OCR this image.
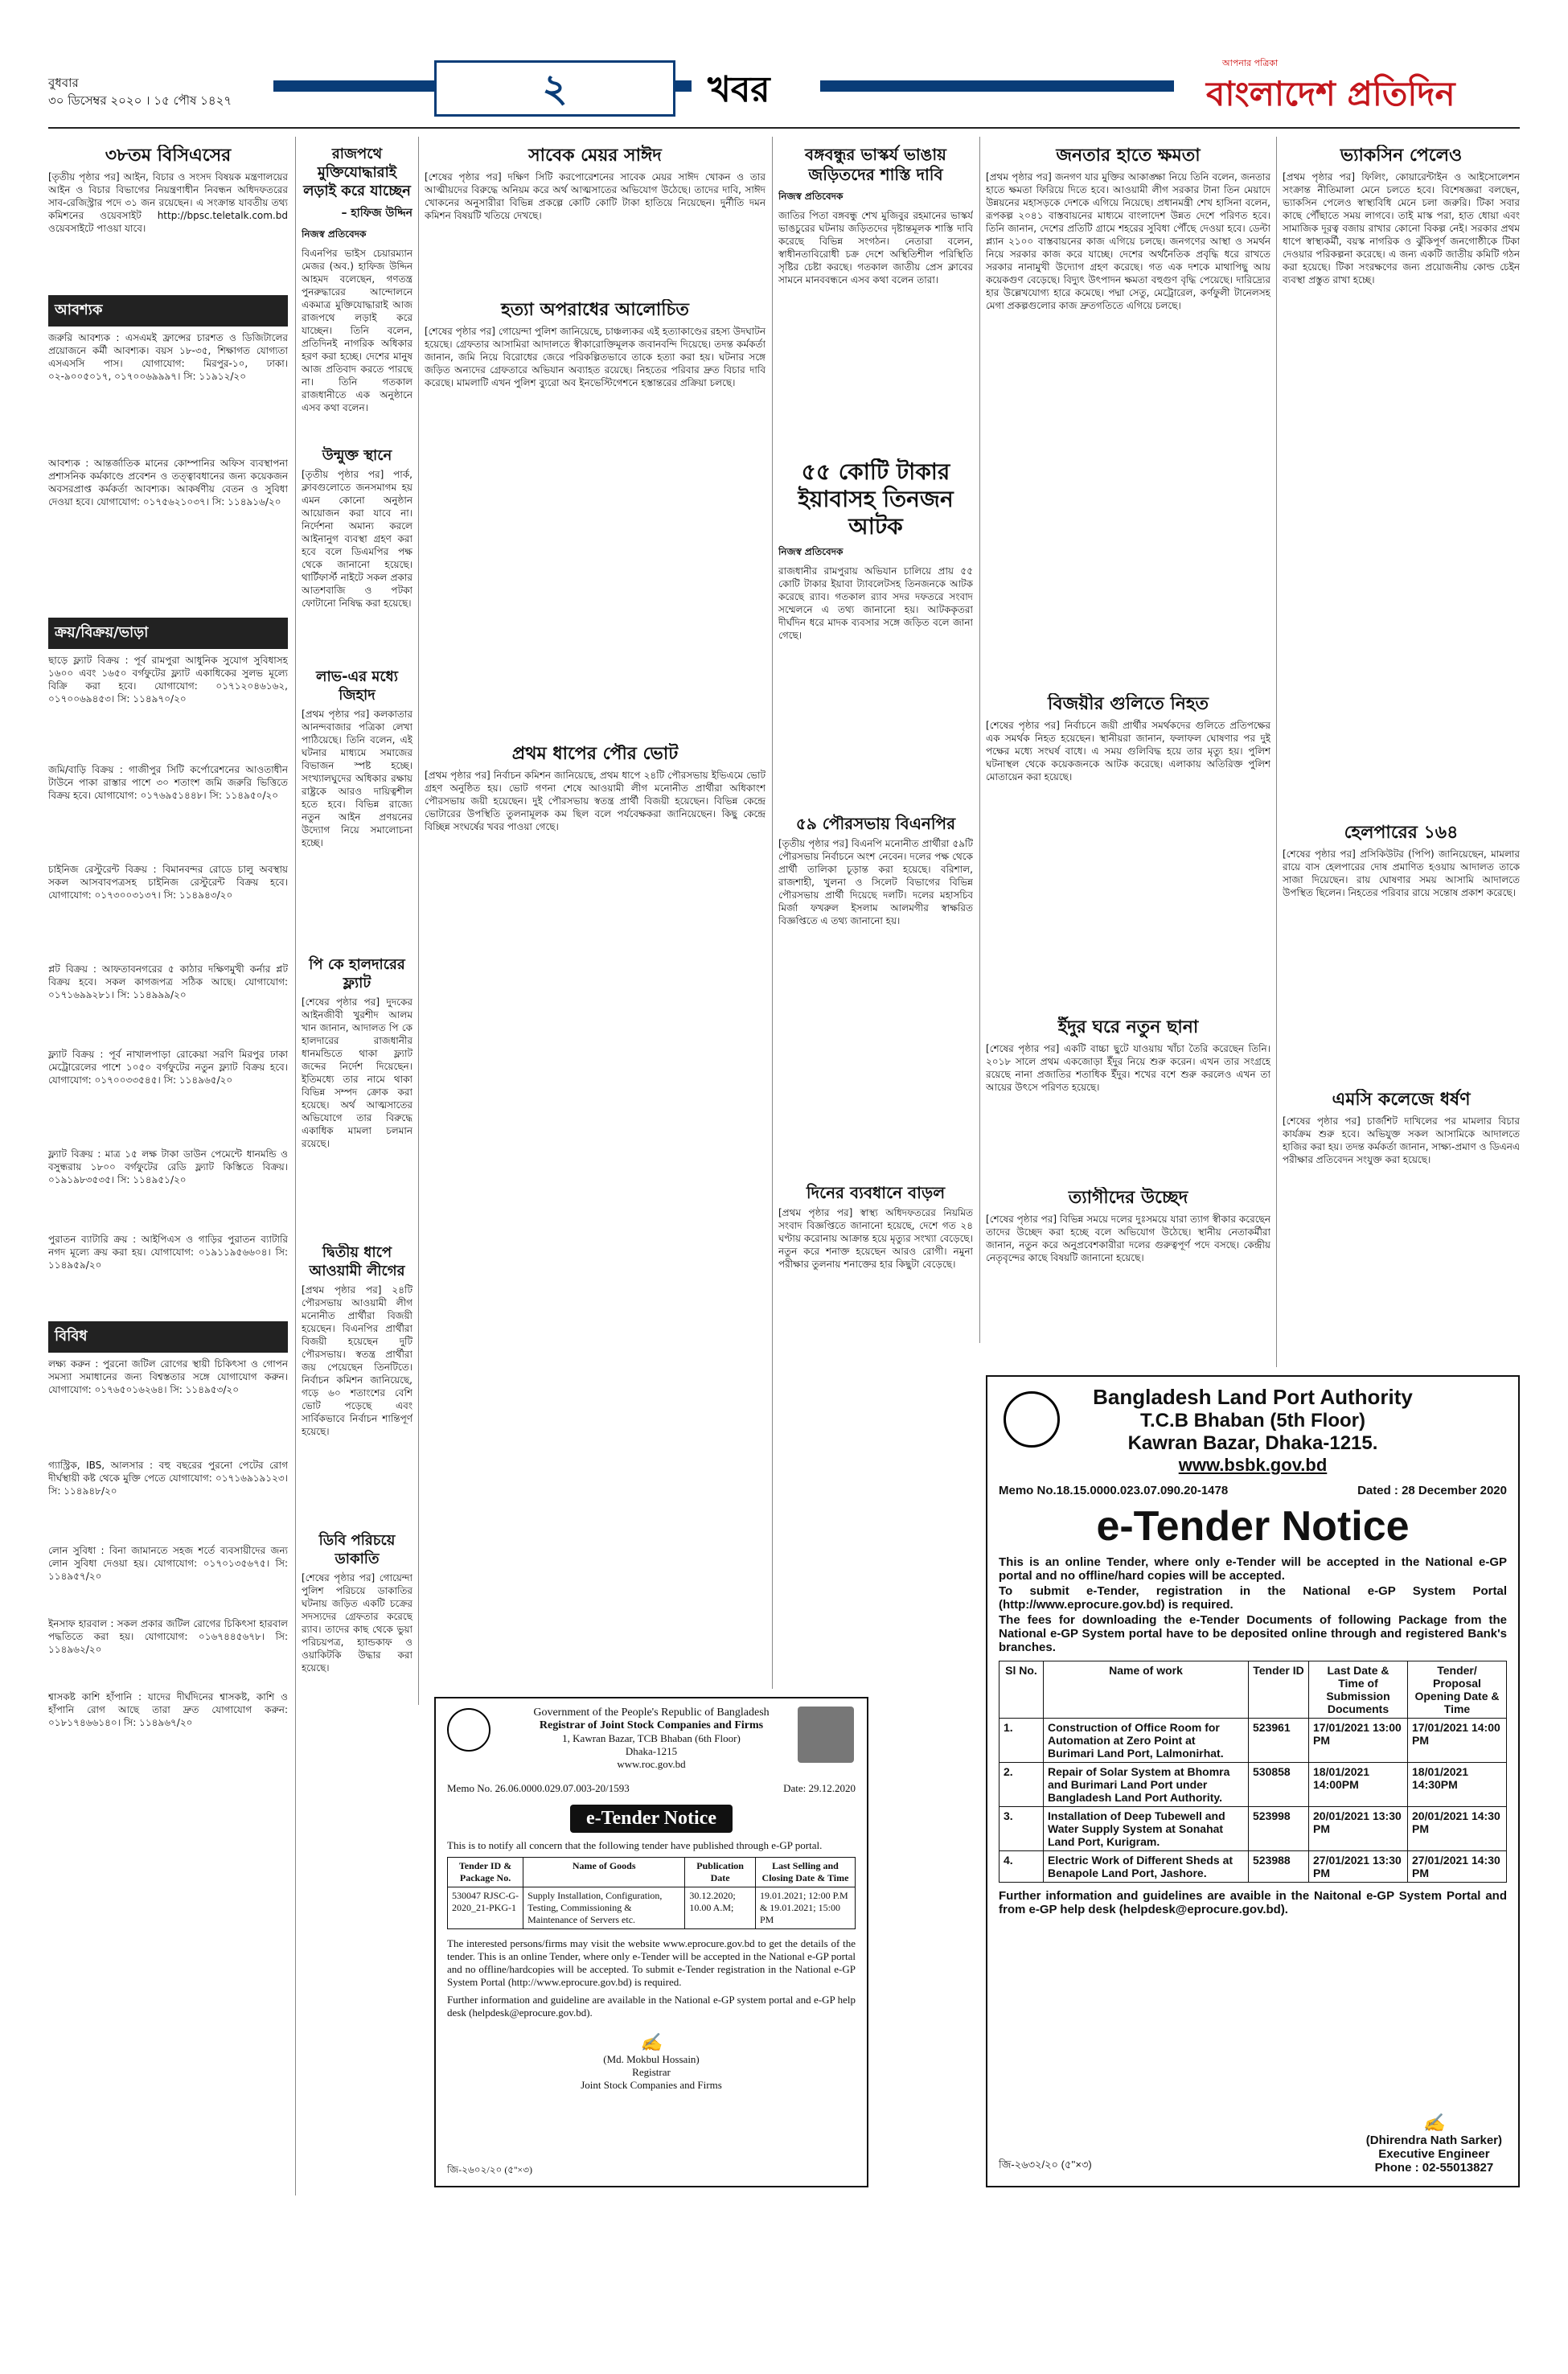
বুধবার
৩০ ডিসেম্বর ২০২০ । ১৫ পৌষ ১৪২৭	২	খবর
আপনার পত্রিকা
বাংলাদেশ প্রতিদিন
৩৮তম বিসিএসের
[তৃতীয় পৃষ্ঠার পর] আইন, বিচার ও সংসদ বিষয়ক মন্ত্রণালয়ের আইন ও বিচার বিভাগের নিয়ন্ত্রণাধীন নিবন্ধন অধিদফতরের সাব-রেজিস্ট্রার পদে ৩১ জন রয়েছেন। এ সংক্রান্ত যাবতীয় তথ্য কমিশনের ওয়েবসাইট http://bpsc.teletalk.com.bd ওয়েবসাইটে পাওয়া যাবে।
আবশ্যক
জরুরি আবশ্যক : এসএমই ফ্রান্সের চারশত ও ডিজিটালের প্রয়োজনে কর্মী আবশ্যক। বয়স ১৮-৩৫, শিক্ষাগত যোগ্যতা এসএসসি পাস। যোগাযোগ: মিরপুর-১০, ঢাকা। ০২-৯০০৫০১৭, ০১৭০০৬৯৯৯৭। সি: ১১৯১২/২০
আবশ্যক : আন্তর্জাতিক মানের কোম্পানির অফিস ব্যবস্থাপনা প্রশাসনিক কর্মকাণ্ডে প্রবেশন ও তত্ত্বাবধানের জন্য কয়েকজন অবসরপ্রাপ্ত কর্মকর্তা আবশ্যক। আকর্ষণীয় বেতন ও সুবিধা দেওয়া হবে। যোগাযোগ: ০১৭৫৬২১০৩৭। সি: ১১৪৯১৬/২০
ক্রয়/বিক্রয়/ভাড়া
ছাড়ে ফ্ল্যাট বিক্রয় : পূর্ব রামপুরা আধুনিক সুযোগ সুবিধাসহ ১৬০০ এবং ১৬৫০ বর্গফুটের ফ্ল্যাট একাধিকের সুলভ মূল্যে বিক্রি করা হবে। যোগাযোগ: ০১৭১২০৪৬১৬২, ০১৭০০৬৯৪৫৩। সি: ১১৪৯৭০/২০
জমি/বাড়ি বিক্রয় : গাজীপুর সিটি কর্পোরেশনের আওতাধীন টাউনে পাকা রাস্তার পাশে ৩০ শতাংশ জমি জরুরি ভিত্তিতে বিক্রয় হবে। যোগাযোগ: ০১৭৬৯৫১৪৪৮। সি: ১১৪৯৫০/২০
চাইনিজ রেস্টুরেন্ট বিক্রয় : বিমানবন্দর রোডে চালু অবস্থায় সকল আসবাবপত্রসহ চাইনিজ রেস্টুরেন্ট বিক্রয় হবে। যোগাযোগ: ০১৭৩০০৩১৩৭। সি: ১১৪৯৪৩/২০
প্লট বিক্রয় : আফতাবনগরের ৫ কাঠার দক্ষিণমুখী কর্নার প্লট বিক্রয় হবে। সকল কাগজপত্র সঠিক আছে। যোগাযোগ: ০১৭১৬৯৯২৮১। সি: ১১৪৯৯৯/২০
ফ্ল্যাট বিক্রয় : পূর্ব নাখালপাড়া রোকেয়া সরণি মিরপুর ঢাকা মেট্রোরেলের পাশে ১০৫০ বর্গফুটের নতুন ফ্ল্যাট বিক্রয় হবে। যোগাযোগ: ০১৭০০৩৩৫৪৫। সি: ১১৪৯৬৫/২০
ফ্ল্যাট বিক্রয় : মাত্র ১৫ লক্ষ টাকা ডাউন পেমেন্টে ধানমন্ডি ও বসুন্ধরায় ১৮০০ বর্গফুটের রেডি ফ্ল্যাট কিস্তিতে বিক্রয়। ০১৯১৯৮৩৫৩৫। সি: ১১৪৯৫১/২০
পুরাতন ব্যাটারি ক্রয় : আইপিএস ও গাড়ির পুরাতন ব্যাটারি নগদ মূল্যে ক্রয় করা হয়। যোগাযোগ: ০১৯১১৯৫৬৬০৪। সি: ১১৪৯৫৯/২০
বিবিধ
লক্ষ্য করুন : পুরনো জটিল রোগের স্থায়ী চিকিৎসা ও গোপন সমস্যা সমাধানের জন্য বিশ্বস্ততার সঙ্গে যোগাযোগ করুন। যোগাযোগ: ০১৭৬৫০১৬২৬৪। সি: ১১৪৯৫৩/২০
গ্যাস্ট্রিক, IBS, আলসার : বহু বছরের পুরনো পেটের রোগ দীর্ঘস্থায়ী কষ্ট থেকে মুক্তি পেতে যোগাযোগ: ০১৭১৬৯১৯১২৩। সি: ১১৪৯৪৮/২০
লোন সুবিধা : বিনা জামানতে সহজ শর্তে ব্যবসায়ীদের জন্য লোন সুবিধা দেওয়া হয়। যোগাযোগ: ০১৭০১৩৫৬৭৫। সি: ১১৪৯৫৭/২০
ইনসাফ হারবাল : সকল প্রকার জটিল রোগের চিকিৎসা হারবাল পদ্ধতিতে করা হয়। যোগাযোগ: ০১৬৭৪৪৫৬৭৮। সি: ১১৪৯৬২/২০
শ্বাসকষ্ট কাশি হাঁপানি : যাদের দীর্ঘদিনের শ্বাসকষ্ট, কাশি ও হাঁপানি রোগ আছে তারা দ্রুত যোগাযোগ করুন: ০১৮১৭৪৬৬১৪০। সি: ১১৪৯৬৭/২০
রাজপথে মুক্তিযোদ্ধারাই লড়াই করে যাচ্ছেন
– হাফিজ উদ্দিন
নিজস্ব প্রতিবেদক
বিএনপির ভাইস চেয়ারম্যান মেজর (অব.) হাফিজ উদ্দিন আহমদ বলেছেন, গণতন্ত্র পুনরুদ্ধারের আন্দোলনে একমাত্র মুক্তিযোদ্ধারাই আজ রাজপথে লড়াই করে যাচ্ছেন। তিনি বলেন, প্রতিদিনই নাগরিক অধিকার হরণ করা হচ্ছে। দেশের মানুষ আজ প্রতিবাদ করতে পারছে না। তিনি গতকাল রাজধানীতে এক অনুষ্ঠানে এসব কথা বলেন।
উন্মুক্ত স্থানে
[তৃতীয় পৃষ্ঠার পর] পার্ক, ক্লাবগুলোতে জনসমাগম হয় এমন কোনো অনুষ্ঠান আয়োজন করা যাবে না। নির্দেশনা অমান্য করলে আইনানুগ ব্যবস্থা গ্রহণ করা হবে বলে ডিএমপির পক্ষ থেকে জানানো হয়েছে। থার্টিফার্স্ট নাইটে সকল প্রকার আতশবাজি ও পটকা ফোটানো নিষিদ্ধ করা হয়েছে।
লাভ-এর মধ্যে জিহাদ
[প্রথম পৃষ্ঠার পর] কলকাতার আনন্দবাজার পত্রিকা লেখা পাঠিয়েছে। তিনি বলেন, এই ঘটনার মাধ্যমে সমাজের বিভাজন স্পষ্ট হচ্ছে। সংখ্যালঘুদের অধিকার রক্ষায় রাষ্ট্রকে আরও দায়িত্বশীল হতে হবে। বিভিন্ন রাজ্যে নতুন আইন প্রণয়নের উদ্যোগ নিয়ে সমালোচনা হচ্ছে।
পি কে হালদারের ফ্ল্যাট
[শেষের পৃষ্ঠার পর] দুদকের আইনজীবী খুরশীদ আলম খান জানান, আদালত পি কে হালদারের রাজধানীর ধানমন্ডিতে থাকা ফ্ল্যাট জব্দের নির্দেশ দিয়েছেন। ইতিমধ্যে তার নামে থাকা বিভিন্ন সম্পদ ক্রোক করা হয়েছে। অর্থ আত্মসাতের অভিযোগে তার বিরুদ্ধে একাধিক মামলা চলমান রয়েছে।
দ্বিতীয় ধাপে আওয়ামী লীগের
[প্রথম পৃষ্ঠার পর] ২৪টি পৌরসভায় আওয়ামী লীগ মনোনীত প্রার্থীরা বিজয়ী হয়েছেন। বিএনপির প্রার্থীরা বিজয়ী হয়েছেন দুটি পৌরসভায়। স্বতন্ত্র প্রার্থীরা জয় পেয়েছেন তিনটিতে। নির্বাচন কমিশন জানিয়েছে, গড়ে ৬০ শতাংশের বেশি ভোট পড়েছে এবং সার্বিকভাবে নির্বাচন শান্তিপূর্ণ হয়েছে।
ডিবি পরিচয়ে ডাকাতি
[শেষের পৃষ্ঠার পর] গোয়েন্দা পুলিশ পরিচয়ে ডাকাতির ঘটনায় জড়িত একটি চক্রের সদস্যদের গ্রেফতার করেছে র‌্যাব। তাদের কাছ থেকে ভুয়া পরিচয়পত্র, হ্যান্ডকাফ ও ওয়াকিটকি উদ্ধার করা হয়েছে।
সাবেক মেয়র সাঈদ
[শেষের পৃষ্ঠার পর] দক্ষিণ সিটি করপোরেশনের সাবেক মেয়র সাঈদ খোকন ও তার আত্মীয়দের বিরুদ্ধে অনিয়ম করে অর্থ আত্মসাতের অভিযোগ উঠেছে। তাদের দাবি, সাঈদ খোকনের অনুসারীরা বিভিন্ন প্রকল্পে কোটি কোটি টাকা হাতিয়ে নিয়েছেন। দুর্নীতি দমন কমিশন বিষয়টি খতিয়ে দেখছে।
হত্যা অপরাধের আলোচিত
[শেষের পৃষ্ঠার পর] গোয়েন্দা পুলিশ জানিয়েছে, চাঞ্চল্যকর এই হত্যাকাণ্ডের রহস্য উদঘাটন হয়েছে। গ্রেফতার আসামিরা আদালতে স্বীকারোক্তিমূলক জবানবন্দি দিয়েছে। তদন্ত কর্মকর্তা জানান, জমি নিয়ে বিরোধের জেরে পরিকল্পিতভাবে তাকে হত্যা করা হয়। ঘটনার সঙ্গে জড়িত অন্যদের গ্রেফতারে অভিযান অব্যাহত রয়েছে। নিহতের পরিবার দ্রুত বিচার দাবি করেছে। মামলাটি এখন পুলিশ ব্যুরো অব ইনভেস্টিগেশনে হস্তান্তরের প্রক্রিয়া চলছে।
প্রথম ধাপের পৌর ভোট
[প্রথম পৃষ্ঠার পর] নির্বাচন কমিশন জানিয়েছে, প্রথম ধাপে ২৪টি পৌরসভায় ইভিএমে ভোট গ্রহণ অনুষ্ঠিত হয়। ভোট গণনা শেষে আওয়ামী লীগ মনোনীত প্রার্থীরা অধিকাংশ পৌরসভায় জয়ী হয়েছেন। দুই পৌরসভায় স্বতন্ত্র প্রার্থী বিজয়ী হয়েছেন। বিভিন্ন কেন্দ্রে ভোটারের উপস্থিতি তুলনামূলক কম ছিল বলে পর্যবেক্ষকরা জানিয়েছেন। কিছু কেন্দ্রে বিচ্ছিন্ন সংঘর্ষের খবর পাওয়া গেছে।
বঙ্গবন্ধুর ভাস্কর্য ভাঙায় জড়িতদের শাস্তি দাবি
নিজস্ব প্রতিবেদক
জাতির পিতা বঙ্গবন্ধু শেখ মুজিবুর রহমানের ভাস্কর্য ভাঙচুরের ঘটনায় জড়িতদের দৃষ্টান্তমূলক শাস্তি দাবি করেছে বিভিন্ন সংগঠন। নেতারা বলেন, স্বাধীনতাবিরোধী চক্র দেশে অস্থিতিশীল পরিস্থিতি সৃষ্টির চেষ্টা করছে। গতকাল জাতীয় প্রেস ক্লাবের সামনে মানববন্ধনে এসব কথা বলেন তারা।
৫৫ কোটি টাকার ইয়াবাসহ তিনজন আটক
নিজস্ব প্রতিবেদক
রাজধানীর রামপুরায় অভিযান চালিয়ে প্রায় ৫৫ কোটি টাকার ইয়াবা ট্যাবলেটসহ তিনজনকে আটক করেছে র‌্যাব। গতকাল র‌্যাব সদর দফতরে সংবাদ সম্মেলনে এ তথ্য জানানো হয়। আটককৃতরা দীর্ঘদিন ধরে মাদক ব্যবসার সঙ্গে জড়িত বলে জানা গেছে।
৫৯ পৌরসভায় বিএনপির
[তৃতীয় পৃষ্ঠার পর] বিএনপি মনোনীত প্রার্থীরা ৫৯টি পৌরসভায় নির্বাচনে অংশ নেবেন। দলের পক্ষ থেকে প্রার্থী তালিকা চূড়ান্ত করা হয়েছে। বরিশাল, রাজশাহী, খুলনা ও সিলেট বিভাগের বিভিন্ন পৌরসভায় প্রার্থী দিয়েছে দলটি। দলের মহাসচিব মির্জা ফখরুল ইসলাম আলমগীর স্বাক্ষরিত বিজ্ঞপ্তিতে এ তথ্য জানানো হয়।
দিনের ব্যবধানে বাড়ল
[প্রথম পৃষ্ঠার পর] স্বাস্থ্য অধিদফতরের নিয়মিত সংবাদ বিজ্ঞপ্তিতে জানানো হয়েছে, দেশে গত ২৪ ঘণ্টায় করোনায় আক্রান্ত হয়ে মৃত্যুর সংখ্যা বেড়েছে। নতুন করে শনাক্ত হয়েছেন আরও রোগী। নমুনা পরীক্ষার তুলনায় শনাক্তের হার কিছুটা বেড়েছে।
জনতার হাতে ক্ষমতা
[প্রথম পৃষ্ঠার পর] জনগণ যার মুক্তির আকাঙ্ক্ষা নিয়ে তিনি বলেন, জনতার হাতে ক্ষমতা ফিরিয়ে দিতে হবে। আওয়ামী লীগ সরকার টানা তিন মেয়াদে উন্নয়নের মহাসড়কে দেশকে এগিয়ে নিয়েছে। প্রধানমন্ত্রী শেখ হাসিনা বলেন, রূপকল্প ২০৪১ বাস্তবায়নের মাধ্যমে বাংলাদেশ উন্নত দেশে পরিণত হবে। তিনি জানান, দেশের প্রতিটি গ্রামে শহরের সুবিধা পৌঁছে দেওয়া হবে। ডেল্টা প্ল্যান ২১০০ বাস্তবায়নের কাজ এগিয়ে চলছে। জনগণের আস্থা ও সমর্থন নিয়ে সরকার কাজ করে যাচ্ছে। দেশের অর্থনৈতিক প্রবৃদ্ধি ধরে রাখতে সরকার নানামুখী উদ্যোগ গ্রহণ করেছে। গত এক দশকে মাথাপিছু আয় কয়েকগুণ বেড়েছে। বিদ্যুৎ উৎপাদন ক্ষমতা বহুগুণ বৃদ্ধি পেয়েছে। দারিদ্র্যের হার উল্লেখযোগ্য হারে কমেছে। পদ্মা সেতু, মেট্রোরেল, কর্ণফুলী টানেলসহ মেগা প্রকল্পগুলোর কাজ দ্রুতগতিতে এগিয়ে চলছে।
বিজয়ীর গুলিতে নিহত
[শেষের পৃষ্ঠার পর] নির্বাচনে জয়ী প্রার্থীর সমর্থকদের গুলিতে প্রতিপক্ষের এক সমর্থক নিহত হয়েছেন। স্থানীয়রা জানান, ফলাফল ঘোষণার পর দুই পক্ষের মধ্যে সংঘর্ষ বাধে। এ সময় গুলিবিদ্ধ হয়ে তার মৃত্যু হয়। পুলিশ ঘটনাস্থল থেকে কয়েকজনকে আটক করেছে। এলাকায় অতিরিক্ত পুলিশ মোতায়েন করা হয়েছে।
ইঁদুর ঘরে নতুন ছানা
[শেষের পৃষ্ঠার পর] একটি বাচ্চা ছুটে যাওয়ায় খাঁচা তৈরি করেছেন তিনি। ২০১৮ সালে প্রথম একজোড়া ইঁদুর নিয়ে শুরু করেন। এখন তার সংগ্রহে রয়েছে নানা প্রজাতির শতাধিক ইঁদুর। শখের বশে শুরু করলেও এখন তা আয়ের উৎসে পরিণত হয়েছে।
ত্যাগীদের উচ্ছেদ
[শেষের পৃষ্ঠার পর] বিভিন্ন সময়ে দলের দুঃসময়ে যারা ত্যাগ স্বীকার করেছেন তাদের উচ্ছেদ করা হচ্ছে বলে অভিযোগ উঠেছে। স্থানীয় নেতাকর্মীরা জানান, নতুন করে অনুপ্রবেশকারীরা দলের গুরুত্বপূর্ণ পদে বসছে। কেন্দ্রীয় নেতৃবৃন্দের কাছে বিষয়টি জানানো হয়েছে।
ভ্যাকসিন পেলেও
[প্রথম পৃষ্ঠার পর] ফিলিং, কোয়ারেন্টাইন ও আইসোলেশন সংক্রান্ত নীতিমালা মেনে চলতে হবে। বিশেষজ্ঞরা বলছেন, ভ্যাকসিন পেলেও স্বাস্থ্যবিধি মেনে চলা জরুরি। টিকা সবার কাছে পৌঁছাতে সময় লাগবে। তাই মাস্ক পরা, হাত ধোয়া এবং সামাজিক দূরত্ব বজায় রাখার কোনো বিকল্প নেই। সরকার প্রথম ধাপে স্বাস্থ্যকর্মী, বয়স্ক নাগরিক ও ঝুঁকিপূর্ণ জনগোষ্ঠীকে টিকা দেওয়ার পরিকল্পনা করেছে। এ জন্য একটি জাতীয় কমিটি গঠন করা হয়েছে। টিকা সংরক্ষণের জন্য প্রয়োজনীয় কোল্ড চেইন ব্যবস্থা প্রস্তুত রাখা হচ্ছে।
হেলপারের ১৬৪
[শেষের পৃষ্ঠার পর] প্রসিকিউটর (পিপি) জানিয়েছেন, মামলার রায়ে বাস হেলপারের দোষ প্রমাণিত হওয়ায় আদালত তাকে সাজা দিয়েছেন। রায় ঘোষণার সময় আসামি আদালতে উপস্থিত ছিলেন। নিহতের পরিবার রায়ে সন্তোষ প্রকাশ করেছে।
এমসি কলেজে ধর্ষণ
[শেষের পৃষ্ঠার পর] চার্জশিট দাখিলের পর মামলার বিচার কার্যক্রম শুরু হবে। অভিযুক্ত সকল আসামিকে আদালতে হাজির করা হয়। তদন্ত কর্মকর্তা জানান, সাক্ষ্য-প্রমাণ ও ডিএনএ পরীক্ষার প্রতিবেদন সংযুক্ত করা হয়েছে।
Government of the People's Republic of Bangladesh
Registrar of Joint Stock Companies and Firms
1, Kawran Bazar, TCB Bhaban (6th Floor)
Dhaka-1215
www.roc.gov.bd
Memo No. 26.06.0000.029.07.003-20/1593	Date: 29.12.2020
e-Tender Notice
This is to notify all concern that the following tender have published through e-GP portal.
Tender ID & Package No.	Name of Goods	Publication Date	Last Selling and Closing Date & Time
530047 RJSC-G-2020_21-PKG-1	Supply Installation, Configuration, Testing, Commissioning & Maintenance of Servers etc.	30.12.2020; 10.00 A.M;	19.01.2021; 12:00 P.M & 19.01.2021; 15:00 PM
The interested persons/firms may visit the website www.eprocure.gov.bd to get the details of the tender. This is an online Tender, where only e-Tender will be accepted in the National e-GP portal and no offline/hardcopies will be accepted. To submit e-Tender registration in the National e-GP System Portal (http://www.eprocure.gov.bd) is required.
Further information and guideline are available in the National e-GP system portal and e-GP help desk (helpdesk@eprocure.gov.bd).
✍
(Md. Mokbul Hossain)
Registrar
Joint Stock Companies and Firms
জি-২৬০২/২০ (৫''×৩)
Bangladesh Land Port Authority
T.C.B Bhaban (5th Floor)
Kawran Bazar, Dhaka-1215.
www.bsbk.gov.bd
Memo No.18.15.0000.023.07.090.20-1478	Dated : 28 December 2020
e-Tender Notice
This is an online Tender, where only e-Tender will be accepted in the National e-GP portal and no offline/hard copies will be accepted.
To submit e-Tender, registration in the National e-GP System Portal (http://www.eprocure.gov.bd) is required.
The fees for downloading the e-Tender Documents of following Package from the National e-GP System portal have to be deposited online through and registered Bank's branches.
Sl No.	Name of work	Tender ID	Last Date & Time of Submission Documents	Tender/ Proposal Opening Date & Time
1.	Construction of Office Room for Automation at Zero Point at Burimari Land Port, Lalmonirhat.	523961	17/01/2021 13:00 PM	17/01/2021 14:00 PM
2.	Repair of Solar System at Bhomra and Burimari Land Port under Bangladesh Land Port Authority.	530858	18/01/2021 14:00PM	18/01/2021 14:30PM
3.	Installation of Deep Tubewell and Water Supply System at Sonahat Land Port, Kurigram.	523998	20/01/2021 13:30 PM	20/01/2021 14:30 PM
4.	Electric Work of Different Sheds at Benapole Land Port, Jashore.	523988	27/01/2021 13:30 PM	27/01/2021 14:30 PM
Further information and guidelines are avaible in the Naitonal e-GP System Portal and from e-GP help desk (helpdesk@eprocure.gov.bd).
✍
(Dhirendra Nath Sarker)
Executive Engineer
Phone : 02-55013827
জি-২৬৩২/২০ (৫''×৩)
